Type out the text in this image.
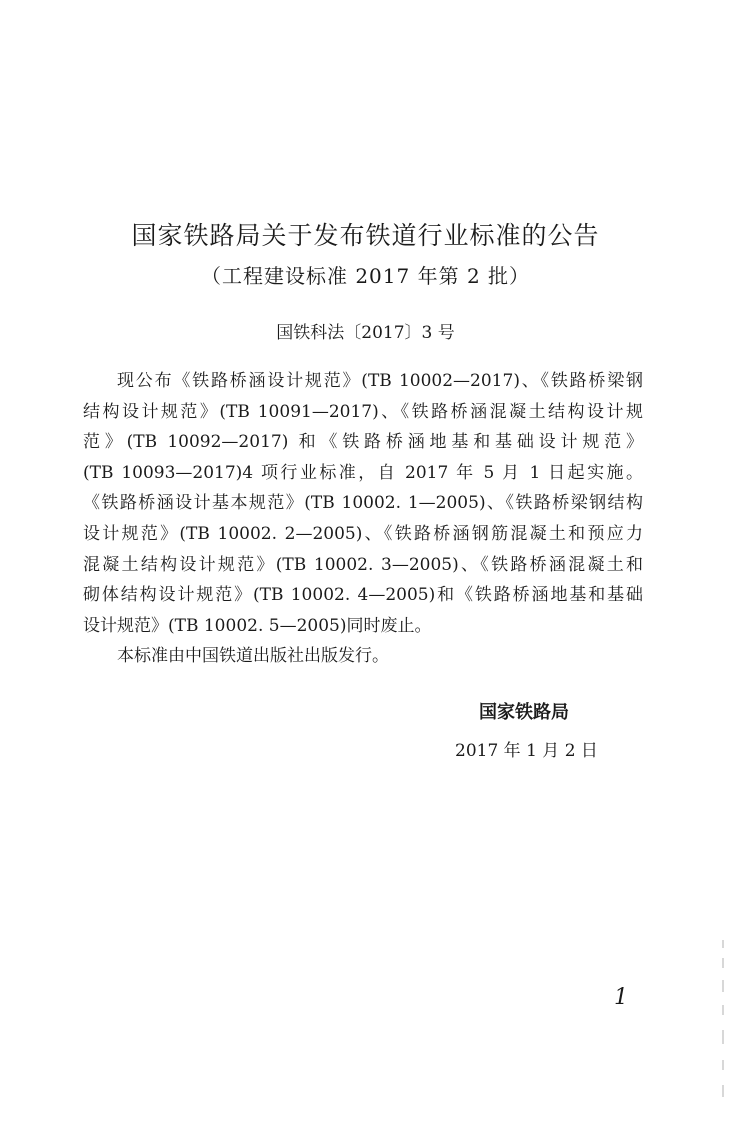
国家铁路局关于发布铁道行业标准的公告
（工程建设标准 2017 年第 2 批）
国铁科法〔2017〕3 号
现公布《铁路桥涵设计规范》(TB 10002—2017)、《铁路桥梁钢
结构设计规范》(TB 10091—2017)、《铁路桥涵混凝土结构设计规
范》(TB 10092—2017) 和《铁路桥涵地基和基础设计规范》
(TB 10093—2017)4 项行业标准，自 2017 年 5 月 1 日起实施。
《铁路桥涵设计基本规范》(TB 10002. 1—2005)、《铁路桥梁钢结构
设计规范》(TB 10002. 2—2005)、《铁路桥涵钢筋混凝土和预应力
混凝土结构设计规范》(TB 10002. 3—2005)、《铁路桥涵混凝土和
砌体结构设计规范》(TB 10002. 4—2005)和《铁路桥涵地基和基础
设计规范》(TB 10002. 5—2005)同时废止。
本标准由中国铁道出版社出版发行。
国家铁路局
2017 年 1 月 2 日
1
